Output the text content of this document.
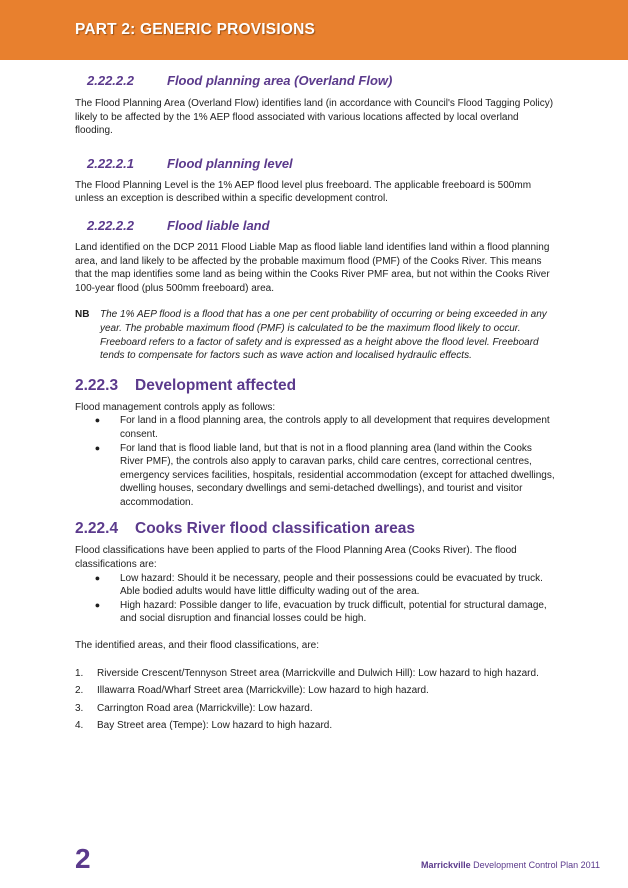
PART 2: GENERIC PROVISIONS
2.22.2.2	Flood planning area (Overland Flow)

The Flood Planning Area (Overland Flow) identifies land (in accordance with Council's Flood Tagging Policy) likely to be affected by the 1% AEP flood associated with various locations affected by local overland flooding.

2.22.2.1	Flood planning level

The Flood Planning Level is the 1% AEP flood level plus freeboard. The applicable freeboard is 500mm unless an exception is described within a specific development control.

2.22.2.2	Flood liable land

Land identified on the DCP 2011 Flood Liable Map as flood liable land identifies land within a flood planning area, and land likely to be affected by the probable maximum flood (PMF) of the Cooks River. This means that the map identifies some land as being within the Cooks River PMF area, but not within the Cooks River 100-year flood (plus 500mm freeboard) area.

NB	The 1% AEP flood is a flood that has a one per cent probability of occurring or being exceeded in any year. The probable maximum flood (PMF) is calculated to be the maximum flood likely to occur. Freeboard refers to a factor of safety and is expressed as a height above the flood level. Freeboard tends to compensate for factors such as wave action and localised hydraulic effects.
2.22.3 Development affected

Flood management controls apply as follows:

●	For land in a flood planning area, the controls apply to all development that requires development consent.
●	For land that is flood liable land, but that is not in a flood planning area (land within the Cooks River PMF), the controls also apply to caravan parks, child care centres, correctional centres, emergency services facilities, hospitals, residential accommodation (except for attached dwellings, dwelling houses, secondary dwellings and semi-detached dwellings), and tourist and visitor accommodation.
2.22.4 Cooks River flood classification areas

Flood classifications have been applied to parts of the Flood Planning Area (Cooks River). The flood classifications are:

●	Low hazard: Should it be necessary, people and their possessions could be evacuated by truck. Able bodied adults would have little difficulty wading out of the area.
●	High hazard: Possible danger to life, evacuation by truck difficult, potential for structural damage, and social disruption and financial losses could be high.

The identified areas, and their flood classifications, are:

1.	Riverside Crescent/Tennyson Street area (Marrickville and Dulwich Hill): Low hazard to high hazard.
2.	Illawarra Road/Wharf Street area (Marrickville): Low hazard to high hazard.
3.	Carrington Road area (Marrickville): Low hazard.
4.	Bay Street area (Tempe): Low hazard to high hazard.

2	Marrickville Development Control Plan 2011
